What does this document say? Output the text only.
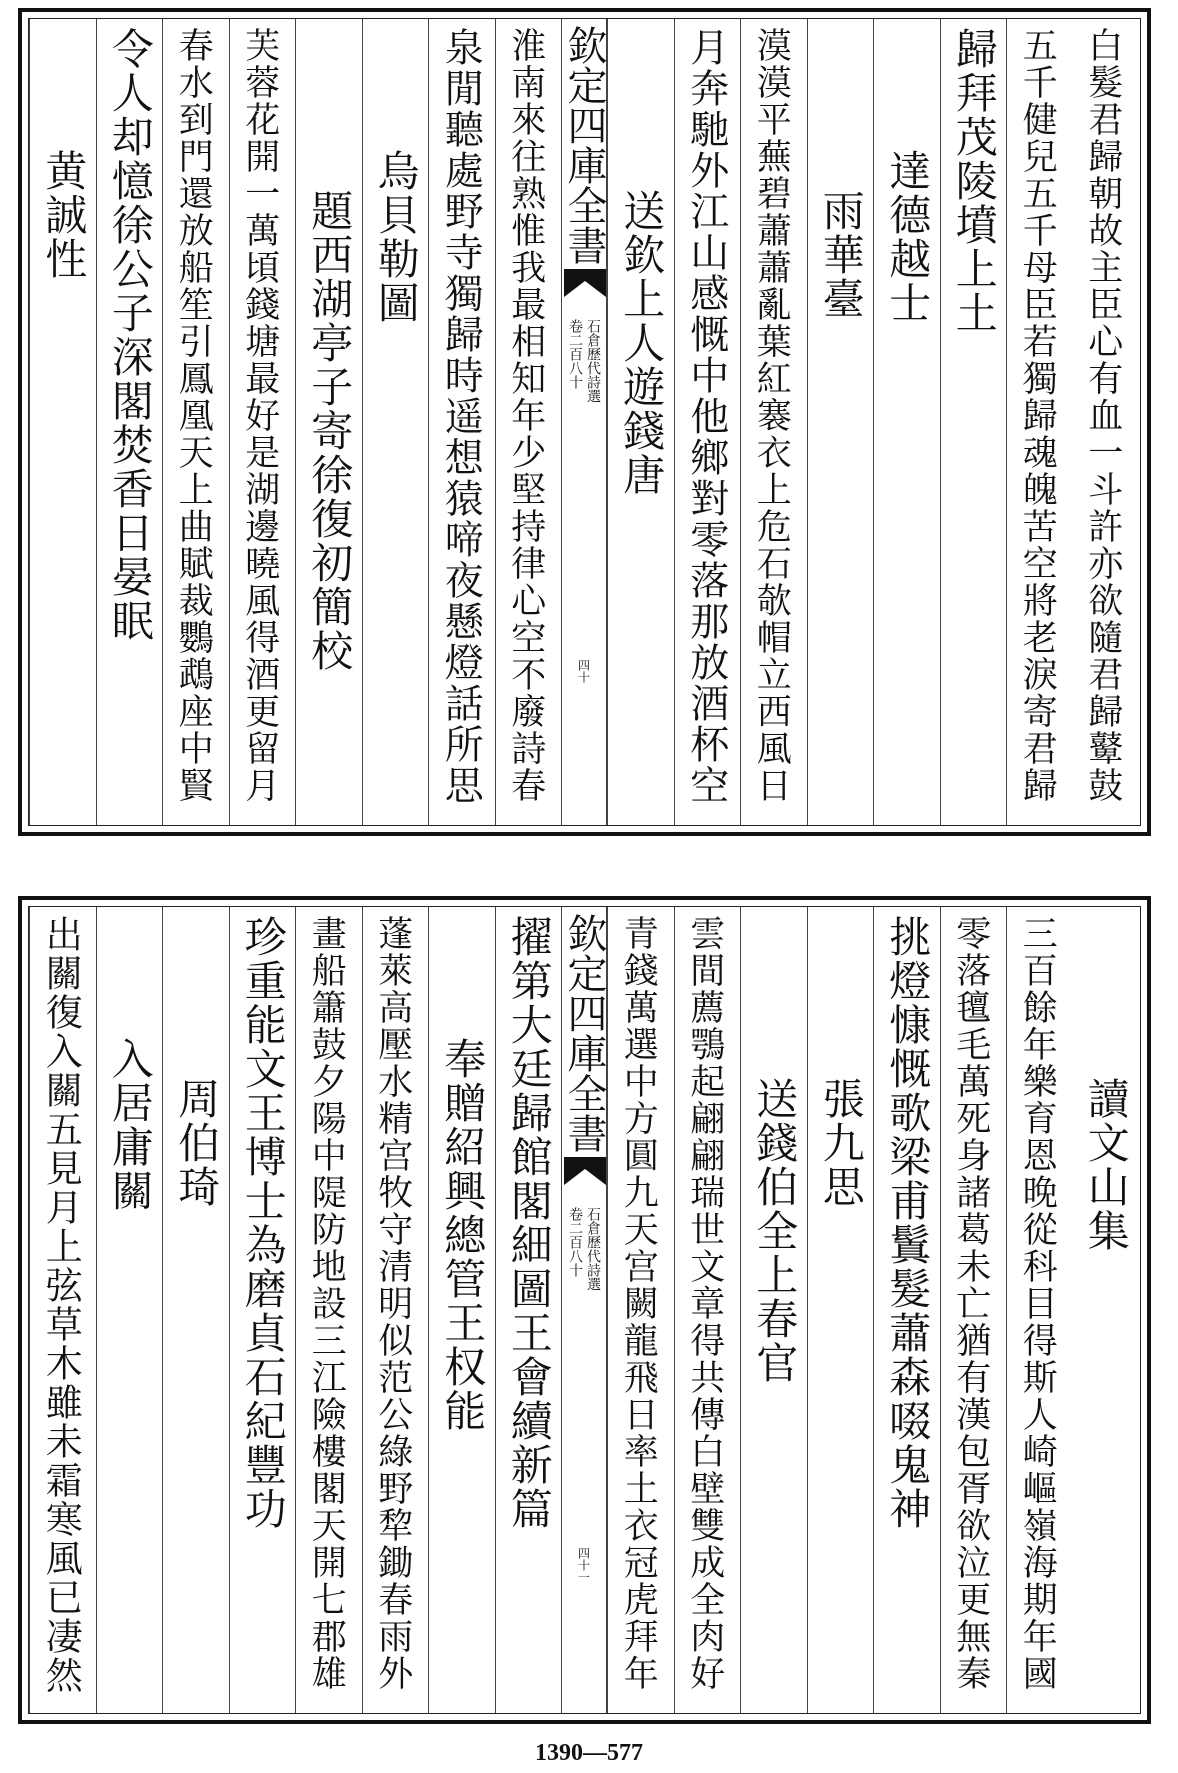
白髮君歸朝故主臣心有血一斗許亦欲隨君歸鼙鼓
五千健兒五千母臣若獨歸魂魄苦空將老淚寄君歸
歸拜茂陵墳上土
達德越士
雨華臺
漠漠平蕪碧蕭蕭亂葉紅褰衣上危石欹帽立西風日
月奔馳外江山感慨中他鄉對零落那放酒杯空
送欽上人遊錢唐
欽定四庫全書
石倉歷代詩選
卷二百八十
四十
淮南來往熟惟我最相知年少堅持律心空不廢詩春
泉閒聽處野寺獨歸時遥想猿啼夜懸燈話所思
烏貝勒圖
題西湖亭子寄徐復初簡校
芙蓉花開一萬頃錢塘最好是湖邊曉風得酒更留月
春水到門還放船笙引鳳凰天上曲賦裁鸚鵡座中賢
令人却憶徐公子深閣焚香日晏眠
黄誠性
讀文山集
三百餘年樂育恩晚從科目得斯人崎嶇嶺海期年國
零落氊毛萬死身諸葛未亡猶有漢包胥欲泣更無秦
挑燈慷慨歌梁甫鬒髮蕭森啜鬼神
張九思
送錢伯全上春官
雲間薦鶚起翩翩瑞世文章得共傳白壁雙成全肉好
青錢萬選中方圓九天宫闕龍飛日率土衣冠虎拜年
欽定四庫全書
石倉歷代詩選
卷二百八十
四十一
擢第大廷歸館閣細圖王會續新篇
奉贈紹興總管王权能
蓬萊高壓水精宫牧守清明似范公綠野犂鋤春雨外
畫船簫鼓夕陽中隄防地設三江險樓閣天開七郡雄
珍重能文王博士為磨貞石紀豐功
周伯琦
入居庸關
出關復入關五見月上弦草木雖未霜寒風已凄然
1390—577
